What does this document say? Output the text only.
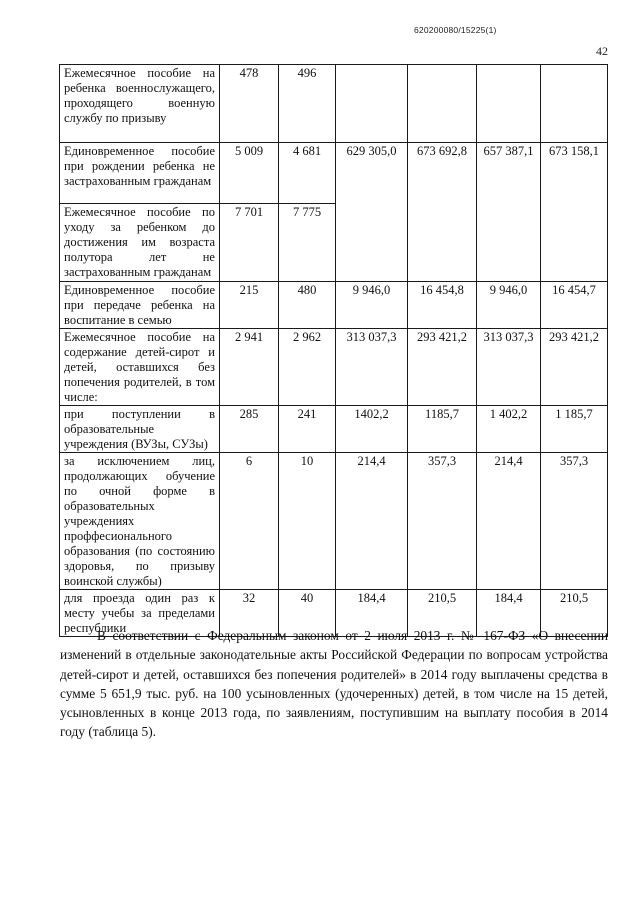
620200080/15225(1)
42
Ежемесячное пособие на ребенка военнослужащего, проходящего военную службу по призыву	478	496				
Единовременное пособие при рождении ребенка не застрахованным гражданам	5 009	4 681	629 305,0	673 692,8	657 387,1	673 158,1
Ежемесячное пособие по уходу за ребенком до достижения им возраста полутора лет не застрахованным гражданам	7 701	7 775				
Единовременное пособие при передаче ребенка на воспитание в семью	215	480	9 946,0	16 454,8	9 946,0	16 454,7
Ежемесячное пособие на содержание детей-сирот и детей, оставшихся без попечения родителей, в том числе:	2 941	2 962	313 037,3	293 421,2	313 037,3	293 421,2
при поступлении в образовательные учреждения (ВУЗы, СУЗы)	285	241	1402,2	1185,7	1 402,2	1 185,7
за исключением лиц, продолжающих обучение по очной форме в образовательных учреждениях проффесионального образования (по состоянию здоровья, по призыву воинской службы)	6	10	214,4	357,3	214,4	357,3
для проезда один раз к месту учебы за пределами республики	32	40	184,4	210,5	184,4	210,5

В соответствии с Федеральным законом от 2 июля 2013 г. № 167-ФЗ «О внесении изменений в отдельные законодательные акты Российской Федерации по вопросам устройства детей-сирот и детей, оставшихся без попечения родителей» в 2014 году выплачены средства в сумме 5 651,9 тыс. руб. на 100 усыновленных (удочеренных) детей, в том числе на 15 детей, усыновленных в конце 2013 года, по заявлениям, поступившим на выплату пособия в 2014 году (таблица 5).
